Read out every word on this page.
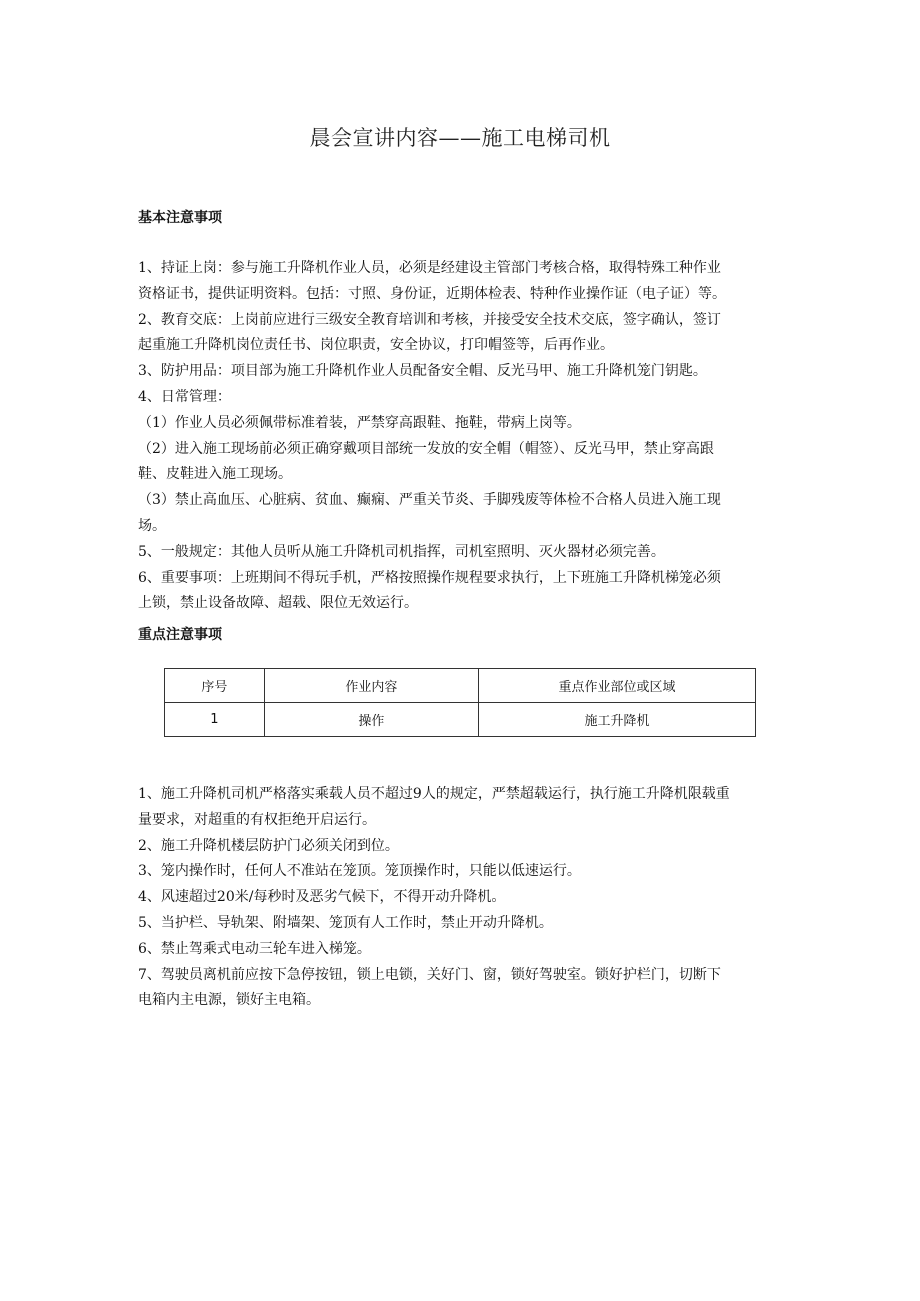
晨会宣讲内容——施工电梯司机
基本注意事项
1、持证上岗：参与施工升降机作业人员，必须是经建设主管部门考核合格，取得特殊工种作业
资格证书，提供证明资料。包括：寸照、身份证，近期体检表、特种作业操作证（电子证）等。
2、教育交底：上岗前应进行三级安全教育培训和考核，并接受安全技术交底，签字确认，签订
起重施工升降机岗位责任书、岗位职责，安全协议，打印帽签等，后再作业。
3、防护用品：项目部为施工升降机作业人员配备安全帽、反光马甲、施工升降机笼门钥匙。
4、日常管理：
（1）作业人员必须佩带标准着装，严禁穿高跟鞋、拖鞋，带病上岗等。
（2）进入施工现场前必须正确穿戴项目部统一发放的安全帽（帽签）、反光马甲，禁止穿高跟
鞋、皮鞋进入施工现场。
（3）禁止高血压、心脏病、贫血、癫痫、严重关节炎、手脚残废等体检不合格人员进入施工现
场。
5、一般规定：其他人员听从施工升降机司机指挥，司机室照明、灭火器材必须完善。
6、重要事项：上班期间不得玩手机，严格按照操作规程要求执行，上下班施工升降机梯笼必须
上锁，禁止设备故障、超载、限位无效运行。
重点注意事项
序号	作业内容	重点作业部位或区域
1	操作	施工升降机
1、施工升降机司机严格落实乘载人员不超过9人的规定，严禁超载运行，执行施工升降机限载重
量要求，对超重的有权拒绝开启运行。
2、施工升降机楼层防护门必须关闭到位。
3、笼内操作时，任何人不准站在笼顶。笼顶操作时，只能以低速运行。
4、风速超过20米/每秒时及恶劣气候下，不得开动升降机。
5、当护栏、导轨架、附墙架、笼顶有人工作时，禁止开动升降机。
6、禁止驾乘式电动三轮车进入梯笼。
7、驾驶员离机前应按下急停按钮，锁上电锁，关好门、窗，锁好驾驶室。锁好护栏门，切断下
电箱内主电源，锁好主电箱。
